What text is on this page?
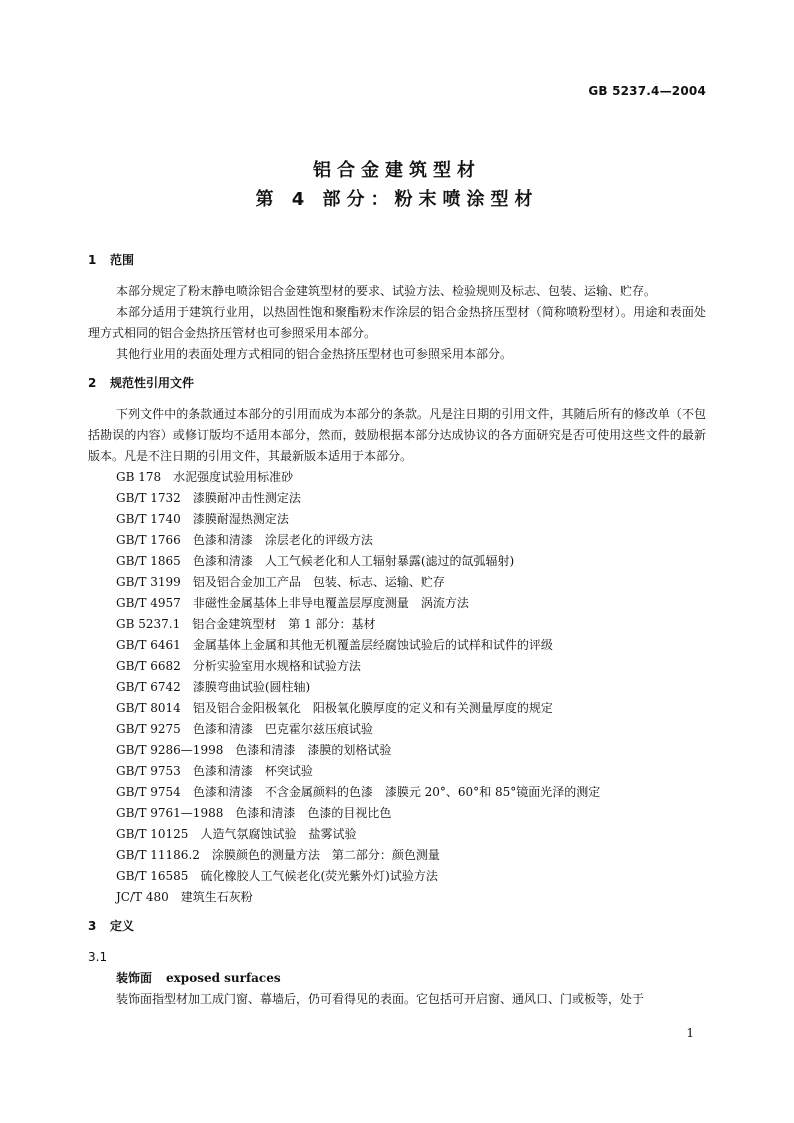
GB 5237.4—2004
铝合金建筑型材
第 4 部分：粉末喷涂型材
1 范围

本部分规定了粉末静电喷涂铝合金建筑型材的要求、试验方法、检验规则及标志、包装、运输、贮存。

本部分适用于建筑行业用，以热固性饱和聚酯粉末作涂层的铝合金热挤压型材（简称喷粉型材）。用途和表面处理方式相同的铝合金热挤压管材也可参照采用本部分。

其他行业用的表面处理方式相同的铝合金热挤压型材也可参照采用本部分。

2 规范性引用文件

下列文件中的条款通过本部分的引用而成为本部分的条款。凡是注日期的引用文件，其随后所有的修改单（不包括勘误的内容）或修订版均不适用本部分，然而，鼓励根据本部分达成协议的各方面研究是否可使用这些文件的最新版本。凡是不注日期的引用文件，其最新版本适用于本部分。

GB 178 水泥强度试验用标准砂
GB/T 1732 漆膜耐冲击性测定法
GB/T 1740 漆膜耐湿热测定法
GB/T 1766 色漆和清漆　涂层老化的评级方法
GB/T 1865 色漆和清漆　人工气候老化和人工辐射暴露(滤过的氙弧辐射)
GB/T 3199 铝及铝合金加工产品　包装、标志、运输、贮存
GB/T 4957 非磁性金属基体上非导电覆盖层厚度测量　涡流方法
GB 5237.1 铝合金建筑型材　第 1 部分：基材
GB/T 6461 金属基体上金属和其他无机覆盖层经腐蚀试验后的试样和试件的评级
GB/T 6682 分析实验室用水规格和试验方法
GB/T 6742 漆膜弯曲试验(圆柱轴)
GB/T 8014 铝及铝合金阳极氧化　阳极氧化膜厚度的定义和有关测量厚度的规定
GB/T 9275 色漆和清漆　巴克霍尔兹压痕试验
GB/T 9286—1998 色漆和清漆　漆膜的划格试验
GB/T 9753 色漆和清漆　杯突试验
GB/T 9754 色漆和清漆　不含金属颜料的色漆　漆膜元 20°、60°和 85°镜面光泽的测定
GB/T 9761—1988 色漆和清漆　色漆的目视比色
GB/T 10125 人造气氛腐蚀试验　盐雾试验
GB/T 11186.2 涂膜颜色的测量方法　第二部分：颜色测量
GB/T 16585 硫化橡胶人工气候老化(荧光紫外灯)试验方法
JC/T 480 建筑生石灰粉
3 定义
3.1
装饰面 exposed surfaces

装饰面指型材加工成门窗、幕墙后，仍可看得见的表面。它包括可开启窗、通风口、门或板等，处于

1
